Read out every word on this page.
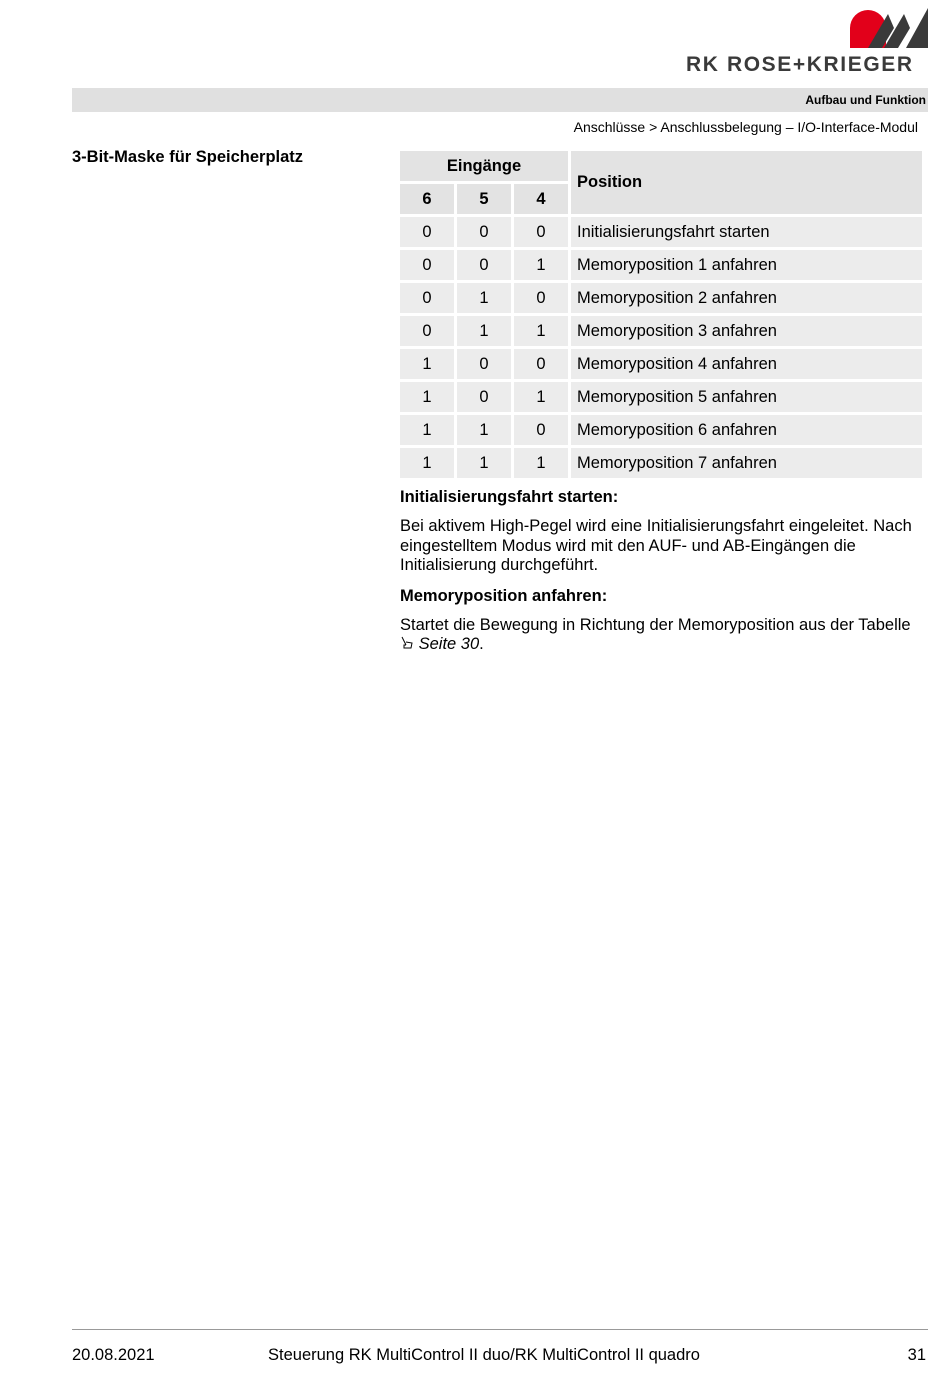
RK ROSE+KRIEGER
Aufbau und Funktion
Anschlüsse > Anschlussbelegung – I/O-Interface-Modul
3-Bit-Maske für Speicherplatz	Eingänge			Position
6	5	4	
0	0	0	Initialisierungsfahrt starten
0	0	1	Memoryposition 1 anfahren
0	1	0	Memoryposition 2 anfahren
0	1	1	Memoryposition 3 anfahren
1	0	0	Memoryposition 4 anfahren
1	0	1	Memoryposition 5 anfahren
1	1	0	Memoryposition 6 anfahren
1	1	1	Memoryposition 7 anfahren
Initialisierungsfahrt starten:

Bei aktivem High-Pegel wird eine Initialisierungsfahrt eingeleitet. Nach eingestelltem Modus wird mit den AUF- und AB-Eingängen die Initialisierung durchgeführt.

Memoryposition anfahren:

Startet die Bewegung in Richtung der Memoryposition aus der Tabelle  Seite 30.

20.08.2021	Steuerung RK MultiControl II duo/RK MultiControl II quadro	31
